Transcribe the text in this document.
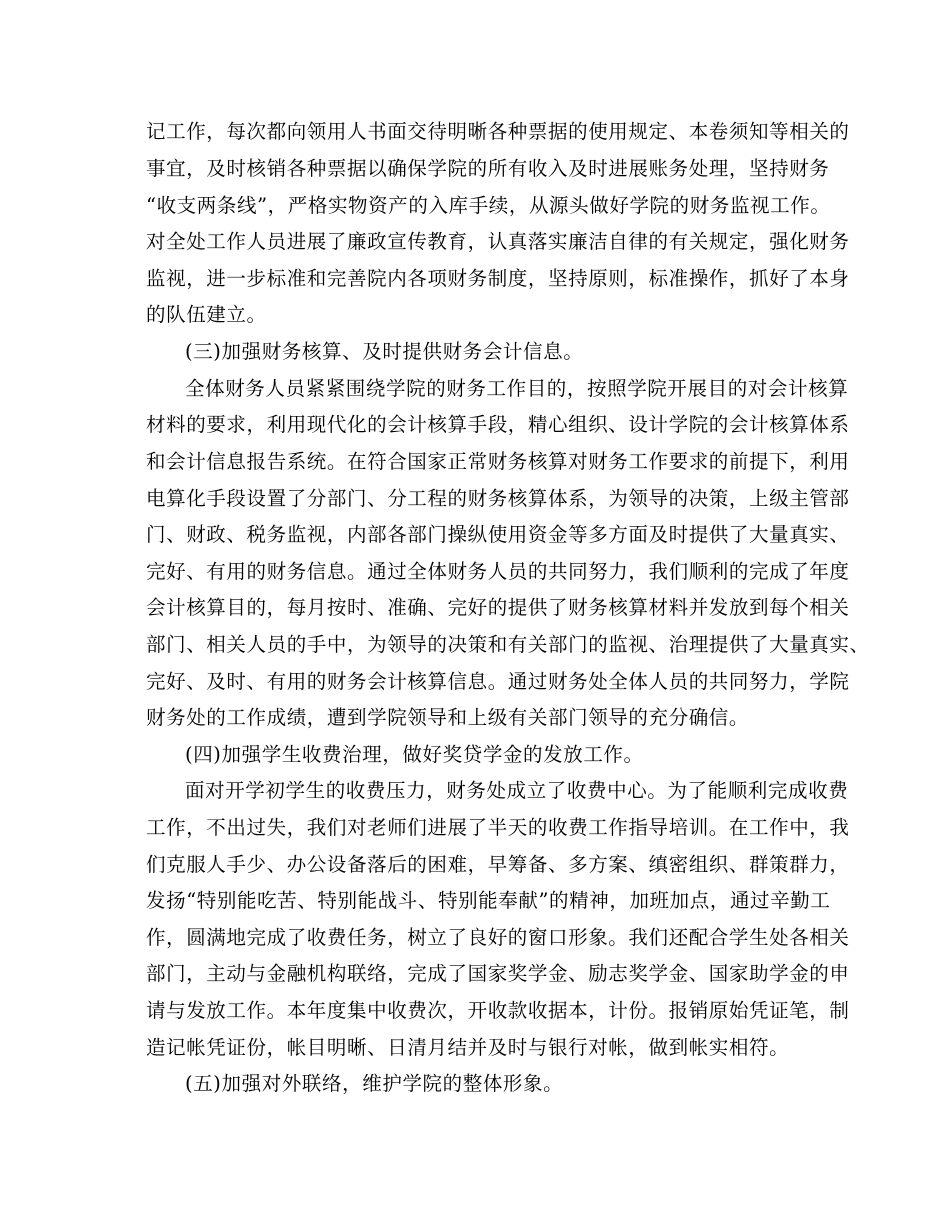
记工作，每次都向领用人书面交待明晰各种票据的使用规定、本卷须知等相关的
事宜，及时核销各种票据以确保学院的所有收入及时进展账务处理，坚持财务
“收支两条线”，严格实物资产的入库手续，从源头做好学院的财务监视工作。
对全处工作人员进展了廉政宣传教育，认真落实廉洁自律的有关规定，强化财务
监视，进一步标准和完善院内各项财务制度，坚持原则，标准操作，抓好了本身
的队伍建立。
(三)加强财务核算、及时提供财务会计信息。
全体财务人员紧紧围绕学院的财务工作目的，按照学院开展目的对会计核算
材料的要求，利用现代化的会计核算手段，精心组织、设计学院的会计核算体系
和会计信息报告系统。在符合国家正常财务核算对财务工作要求的前提下，利用
电算化手段设置了分部门、分工程的财务核算体系，为领导的决策，上级主管部
门、财政、税务监视，内部各部门操纵使用资金等多方面及时提供了大量真实、
完好、有用的财务信息。通过全体财务人员的共同努力，我们顺利的完成了年度
会计核算目的，每月按时、准确、完好的提供了财务核算材料并发放到每个相关
部门、相关人员的手中，为领导的决策和有关部门的监视、治理提供了大量真实、
完好、及时、有用的财务会计核算信息。通过财务处全体人员的共同努力，学院
财务处的工作成绩，遭到学院领导和上级有关部门领导的充分确信。
(四)加强学生收费治理，做好奖贷学金的发放工作。
面对开学初学生的收费压力，财务处成立了收费中心。为了能顺利完成收费
工作，不出过失，我们对老师们进展了半天的收费工作指导培训。在工作中，我
们克服人手少、办公设备落后的困难，早筹备、多方案、缜密组织、群策群力，
发扬“特别能吃苦、特别能战斗、特别能奉献”的精神，加班加点，通过辛勤工
作，圆满地完成了收费任务，树立了良好的窗口形象。我们还配合学生处各相关
部门，主动与金融机构联络，完成了国家奖学金、励志奖学金、国家助学金的申
请与发放工作。本年度集中收费次，开收款收据本，计份。报销原始凭证笔，制
造记帐凭证份，帐目明晰、日清月结并及时与银行对帐，做到帐实相符。
(五)加强对外联络，维护学院的整体形象。
